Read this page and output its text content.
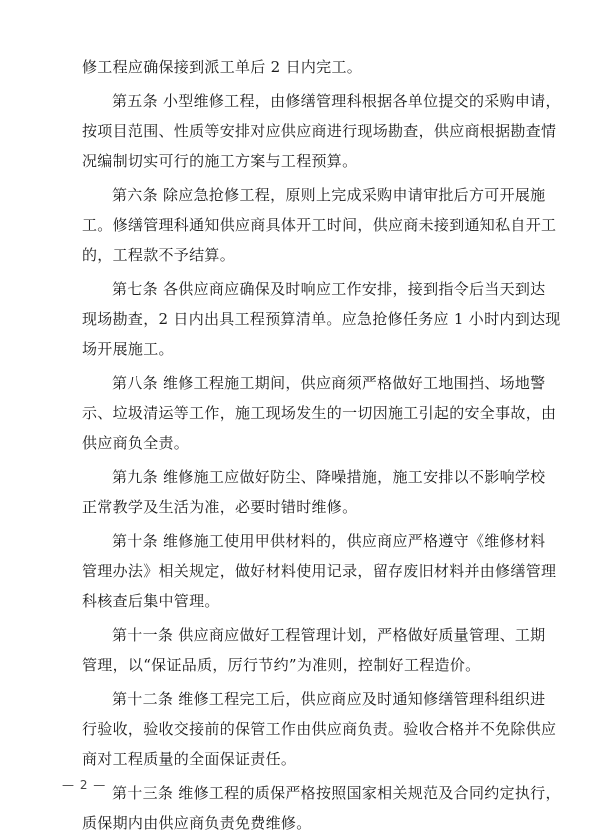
修工程应确保接到派工单后 2 日内完工。
第五条 小型维修工程，由修缮管理科根据各单位提交的采购申请，
按项目范围、性质等安排对应供应商进行现场勘查，供应商根据勘查情
况编制切实可行的施工方案与工程预算。
第六条 除应急抢修工程，原则上完成采购申请审批后方可开展施
工。修缮管理科通知供应商具体开工时间，供应商未接到通知私自开工
的，工程款不予结算。
第七条 各供应商应确保及时响应工作安排，接到指令后当天到达
现场勘查，2 日内出具工程预算清单。应急抢修任务应 1 小时内到达现
场开展施工。
第八条 维修工程施工期间，供应商须严格做好工地围挡、场地警
示、垃圾清运等工作，施工现场发生的一切因施工引起的安全事故，由
供应商负全责。
第九条 维修施工应做好防尘、降噪措施，施工安排以不影响学校
正常教学及生活为准，必要时错时维修。
第十条 维修施工使用甲供材料的，供应商应严格遵守《维修材料
管理办法》相关规定，做好材料使用记录，留存废旧材料并由修缮管理
科核查后集中管理。
第十一条 供应商应做好工程管理计划，严格做好质量管理、工期
管理，以“保证品质，厉行节约”为准则，控制好工程造价。
第十二条 维修工程完工后，供应商应及时通知修缮管理科组织进
行验收，验收交接前的保管工作由供应商负责。验收合格并不免除供应
商对工程质量的全面保证责任。
第十三条 维修工程的质保严格按照国家相关规范及合同约定执行，
质保期内由供应商负责免费维修。
— 2 —
